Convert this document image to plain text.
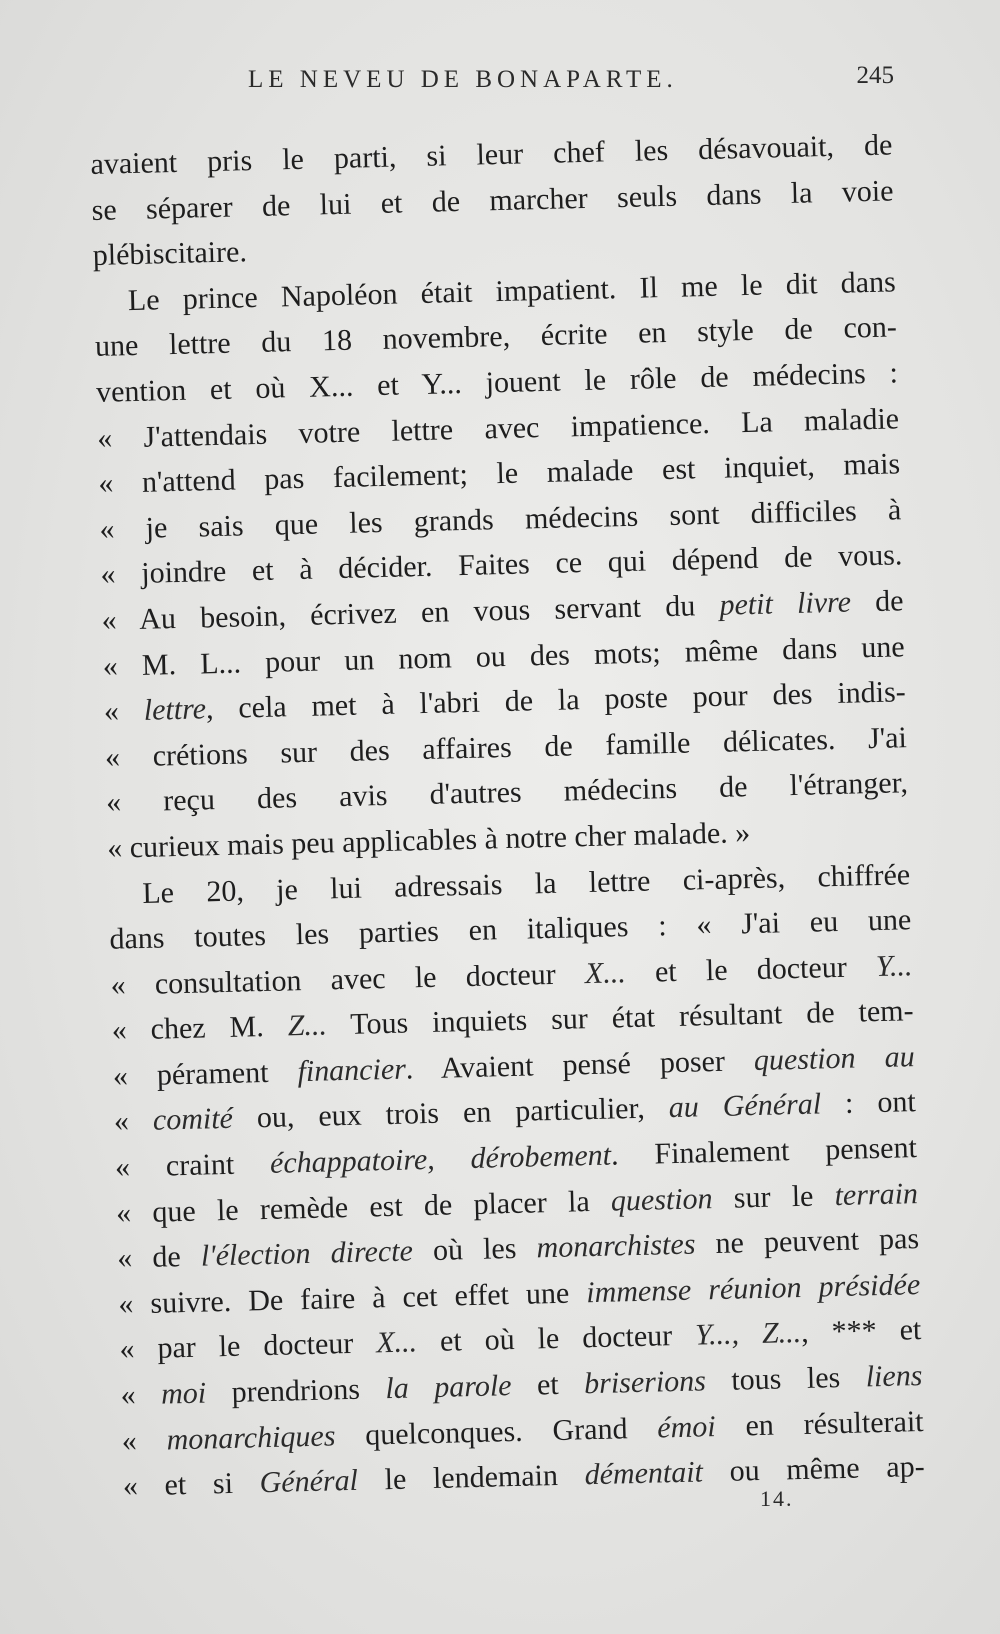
LE NEVEU DE BONAPARTE.	245
avaient pris le parti, si leur chef les désavouait, de
se séparer de lui et de marcher seuls dans la voie
plébiscitaire.
Le prince Napoléon était impatient. Il me le dit dans
une lettre du 18 novembre, écrite en style de con-
vention et où X... et Y... jouent le rôle de médecins :
« J'attendais votre lettre avec impatience. La maladie
« n'attend pas facilement; le malade est inquiet, mais
« je sais que les grands médecins sont difficiles à
« joindre et à décider. Faites ce qui dépend de vous.
« Au besoin, écrivez en vous servant du petit livre de
« M. L... pour un nom ou des mots; même dans une
« lettre, cela met à l'abri de la poste pour des indis-
« crétions sur des affaires de famille délicates. J'ai
« reçu des avis d'autres médecins de l'étranger,
« curieux mais peu applicables à notre cher malade. »
Le 20, je lui adressais la lettre ci-après, chiffrée
dans toutes les parties en italiques : « J'ai eu une
« consultation avec le docteur X... et le docteur Y...
« chez M. Z... Tous inquiets sur état résultant de tem-
« pérament financier. Avaient pensé poser question au
« comité ou, eux trois en particulier, au Général : ont
« craint échappatoire, dérobement. Finalement pensent
« que le remède est de placer la question sur le terrain
« de l'élection directe où les monarchistes ne peuvent pas
« suivre. De faire à cet effet une immense réunion présidée
« par le docteur X... et où le docteur Y..., Z..., *** et
« moi prendrions la parole et briserions tous les liens
« monarchiques quelconques. Grand émoi en résulterait
« et si Général le lendemain démentait ou même ap-
14.
